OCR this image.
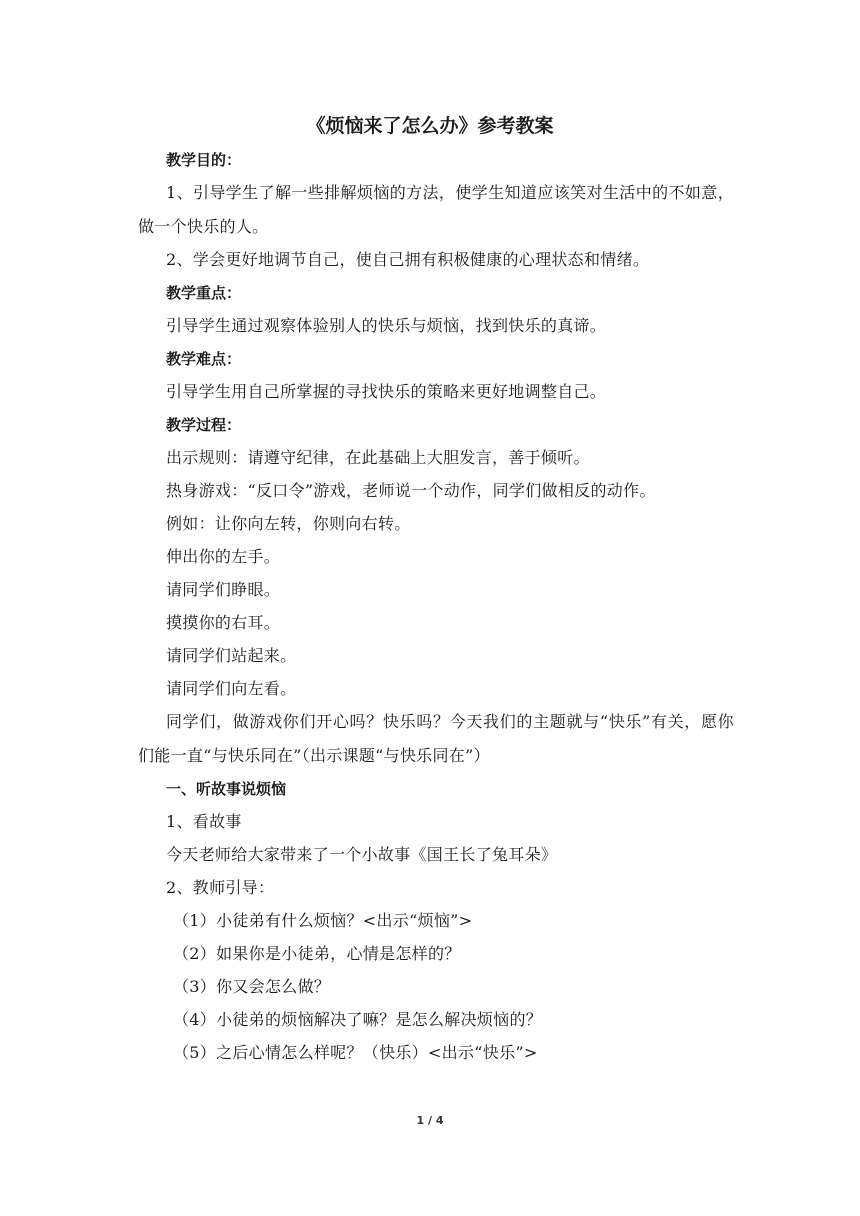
《烦恼来了怎么办》参考教案

教学目的：

1、引导学生了解一些排解烦恼的方法，使学生知道应该笑对生活中的不如意，做一个快乐的人。

2、学会更好地调节自己，使自己拥有积极健康的心理状态和情绪。

教学重点：

引导学生通过观察体验别人的快乐与烦恼，找到快乐的真谛。

教学难点：

引导学生用自己所掌握的寻找快乐的策略来更好地调整自己。

教学过程：

出示规则：请遵守纪律，在此基础上大胆发言，善于倾听。

热身游戏：“反口令”游戏，老师说一个动作，同学们做相反的动作。

例如：让你向左转，你则向右转。

伸出你的左手。

请同学们睁眼。

摸摸你的右耳。

请同学们站起来。

请同学们向左看。

同学们，做游戏你们开心吗？快乐吗？今天我们的主题就与“快乐”有关，愿你们能一直“与快乐同在”（出示课题“与快乐同在”）

一、听故事说烦恼

1、看故事

今天老师给大家带来了一个小故事《国王长了兔耳朵》

2、教师引导：

（1）小徒弟有什么烦恼？<出示“烦恼”>

（2）如果你是小徒弟，心情是怎样的？

（3）你又会怎么做？

（4）小徒弟的烦恼解决了嘛？是怎么解决烦恼的？

（5）之后心情怎么样呢？（快乐）<出示“快乐”>

1 / 4
